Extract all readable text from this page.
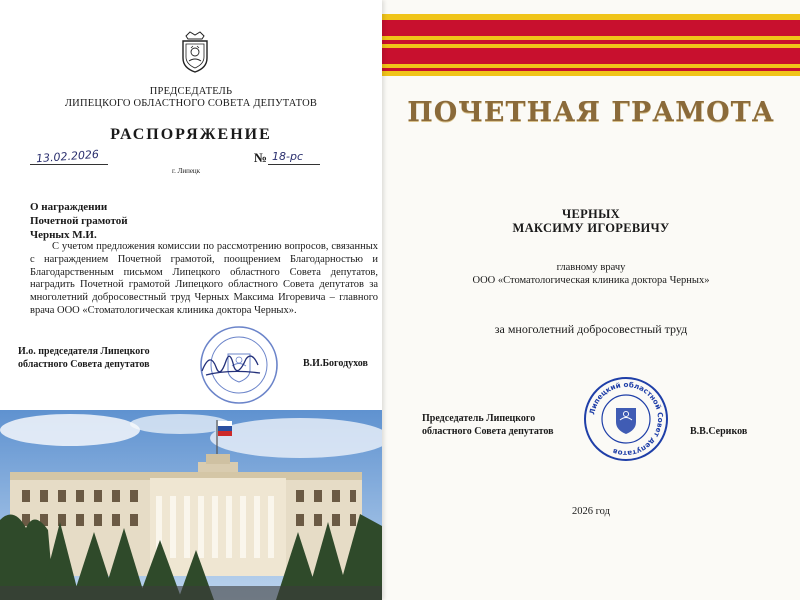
ПРЕДСЕДАТЕЛЬ
ЛИПЕЦКОГО ОБЛАСТНОГО СОВЕТА ДЕПУТАТОВ
РАСПОРЯЖЕНИЕ
13.02.2026
г. Липецк
№ 18-рс
О награждении
Почетной грамотой
Черных М.И.
С учетом предложения комиссии по рассмотрению вопросов, связанных с награждением Почетной грамотой, поощрением Благодарностью и Благодарственным письмом Липецкого областного Совета депутатов, наградить Почетной грамотой Липецкого областного Совета депутатов за многолетний добросовестный труд Черных Максима Игоревича – главного врача ООО «Стоматологическая клиника доктора Черных».
И.о. председателя Липецкого
областного Совета депутатов	В.И.Богодухов
ПОЧЕТНАЯ ГРАМОТА
ЧЕРНЫХ
МАКСИМУ ИГОРЕВИЧУ
главному врачу
ООО «Стоматологическая клиника доктора Черных»
за многолетний добросовестный труд
Председатель Липецкого
областного Совета депутатов
Липецкий областной Совет депутатов
В.В.Сериков
2026 год
